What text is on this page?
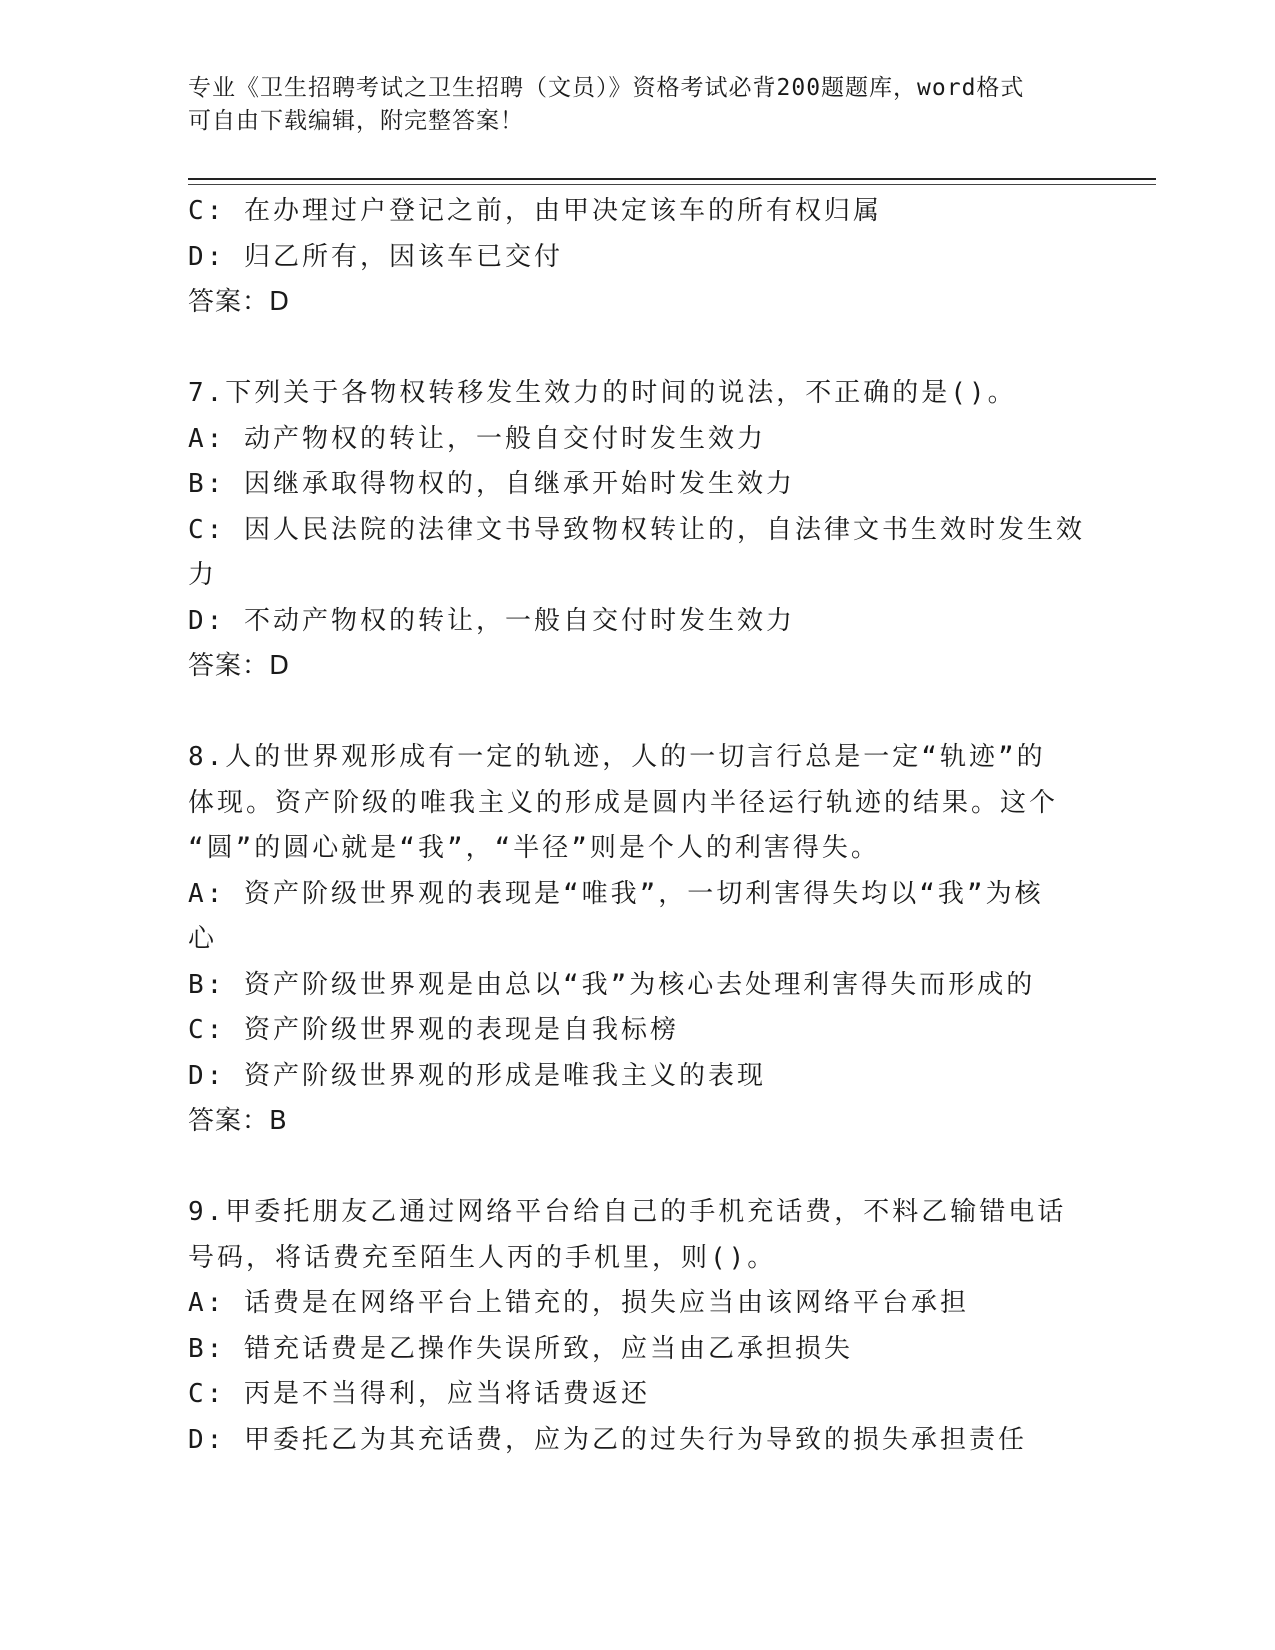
专业《卫生招聘考试之卫生招聘（文员）》资格考试必背200题题库，word格式
可自由下载编辑，附完整答案！
C: 在办理过户登记之前，由甲决定该车的所有权归属
D: 归乙所有，因该车已交付
答案：D
7.下列关于各物权转移发生效力的时间的说法，不正确的是()。
A: 动产物权的转让，一般自交付时发生效力
B: 因继承取得物权的，自继承开始时发生效力
C: 因人民法院的法律文书导致物权转让的，自法律文书生效时发生效
力
D: 不动产物权的转让，一般自交付时发生效力
答案：D
8.人的世界观形成有一定的轨迹，人的一切言行总是一定“轨迹”的
体现。资产阶级的唯我主义的形成是圆内半径运行轨迹的结果。这个
“圆”的圆心就是“我”，“半径”则是个人的利害得失。
A: 资产阶级世界观的表现是“唯我”，一切利害得失均以“我”为核
心
B: 资产阶级世界观是由总以“我”为核心去处理利害得失而形成的
C: 资产阶级世界观的表现是自我标榜
D: 资产阶级世界观的形成是唯我主义的表现
答案：B
9.甲委托朋友乙通过网络平台给自己的手机充话费，不料乙输错电话
号码，将话费充至陌生人丙的手机里，则()。
A: 话费是在网络平台上错充的，损失应当由该网络平台承担
B: 错充话费是乙操作失误所致，应当由乙承担损失
C: 丙是不当得利，应当将话费返还
D: 甲委托乙为其充话费，应为乙的过失行为导致的损失承担责任
